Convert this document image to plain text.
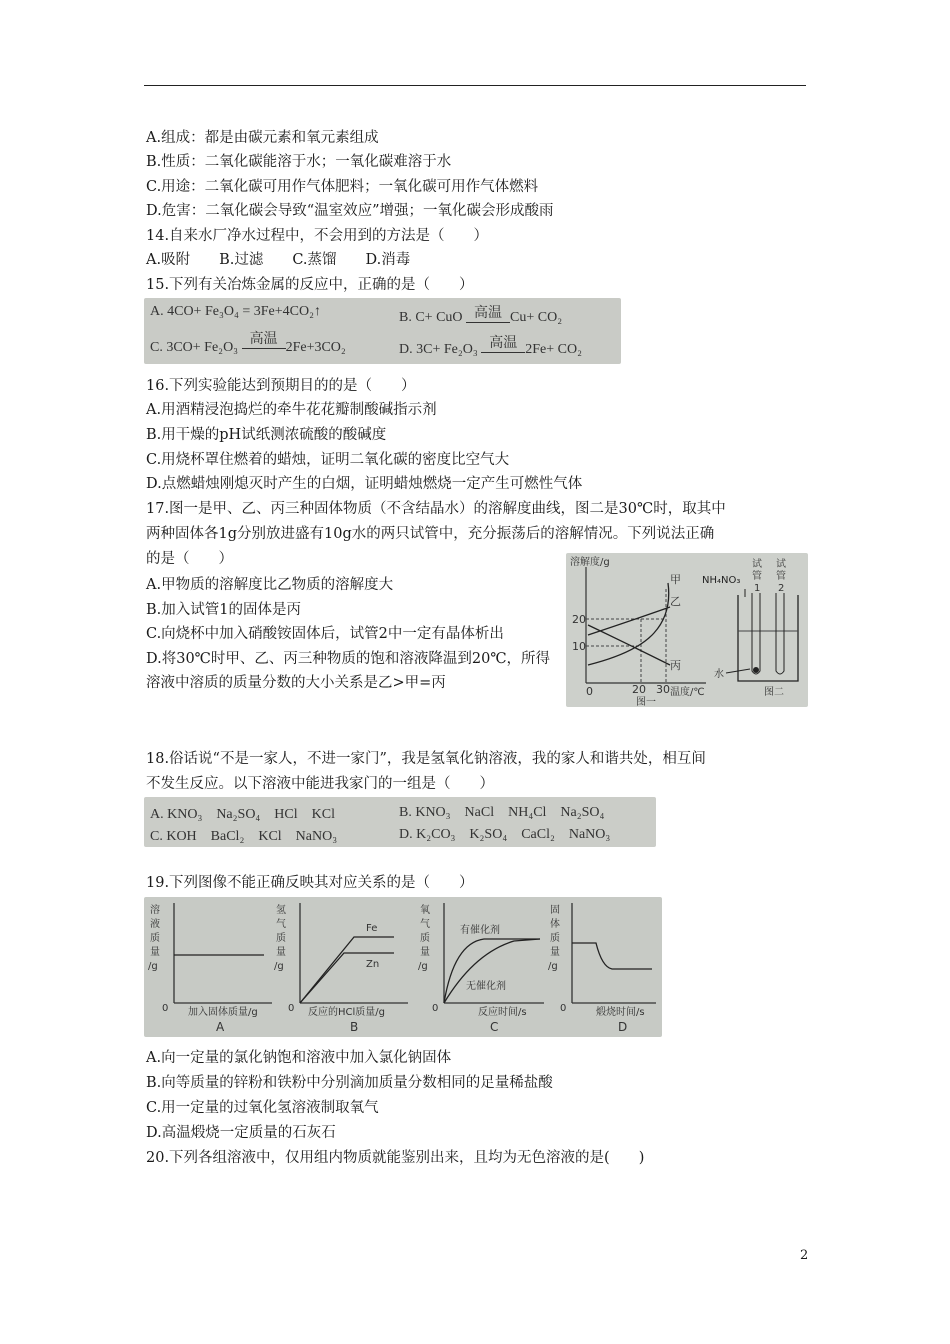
A.组成：都是由碳元素和氧元素组成
B.性质：二氧化碳能溶于水；一氧化碳难溶于水
C.用途：二氧化碳可用作气体肥料；一氧化碳可用作气体燃料
D.危害：二氧化碳会导致“温室效应”增强；一氧化碳会形成酸雨
14.自来水厂净水过程中，不会用到的方法是（　　）
A.吸附　　B.过滤　　C.蒸馏　　D.消毒
15.下列有关冶炼金属的反应中，正确的是（　　）
A. 4CO+ Fe₃O₄ = 3Fe+4CO₂↑	B. C+ CuO 高温 Cu+ CO₂
C. 3CO+ Fe₂O₃ 高温2Fe+3CO₂	D. 3C+ Fe₂O₃ 高温 2Fe+ CO₂
16.下列实验能达到预期目的的是（　　）
A.用酒精浸泡捣烂的牵牛花花瓣制酸碱指示剂
B.用干燥的pH试纸测浓硫酸的酸碱度
C.用烧杯罩住燃着的蜡烛，证明二氧化碳的密度比空气大
D.点燃蜡烛刚熄灭时产生的白烟，证明蜡烛燃烧一定产生可燃性气体
17.图一是甲、乙、丙三种固体物质（不含结晶水）的溶解度曲线，图二是30℃时，取其中
两种固体各1g分别放进盛有10g水的两只试管中，充分振荡后的溶解情况。下列说法正确
的是（　　）
A.甲物质的溶解度比乙物质的溶解度大
B.加入试管1的固体是丙
C.向烧杯中加入硝酸铵固体后，试管2中一定有晶体析出
D.将30℃时甲、乙、丙三种物质的饱和溶液降温到20℃，所得溶液中溶质的质量分数的大小关系是乙>甲=丙
溶解度/g
20
10
0	20 30 温度/℃
图一
甲
乙
丙
NH₄NO₃
试
管
1
试
管
2
水
图二
18.俗话说“不是一家人，不进一家门”，我是氢氧化钠溶液，我的家人和谐共处，相互间
不发生反应。以下溶液中能进我家门的一组是（　　）
A. KNO₃　Na₂SO₄　HCl　KCl	B. KNO₃　NaCl　NH₄Cl　Na₂SO₄
C. KOH　BaCl₂　KCl　NaNO₃	D. K₂CO₃　K₂SO₄　CaCl₂　NaNO₃
19.下列图像不能正确反映其对应关系的是（　　）
溶
液
质
量
/g
0 加入固体质量/g
A
氢
气
质
量
/g
Fe
Zn
0 反应的HCl质量/g
B
氧
气
质
量
/g
有催化剂
无催化剂
0	反应时间/s
C
固
体
质
量
/g
0	煅烧时间/s
D
A.向一定量的氯化钠饱和溶液中加入氯化钠固体
B.向等质量的锌粉和铁粉中分别滴加质量分数相同的足量稀盐酸
C.用一定量的过氧化氢溶液制取氧气
D.高温煅烧一定质量的石灰石
20.下列各组溶液中，仅用组内物质就能鉴别出来，且均为无色溶液的是(　　)
2
